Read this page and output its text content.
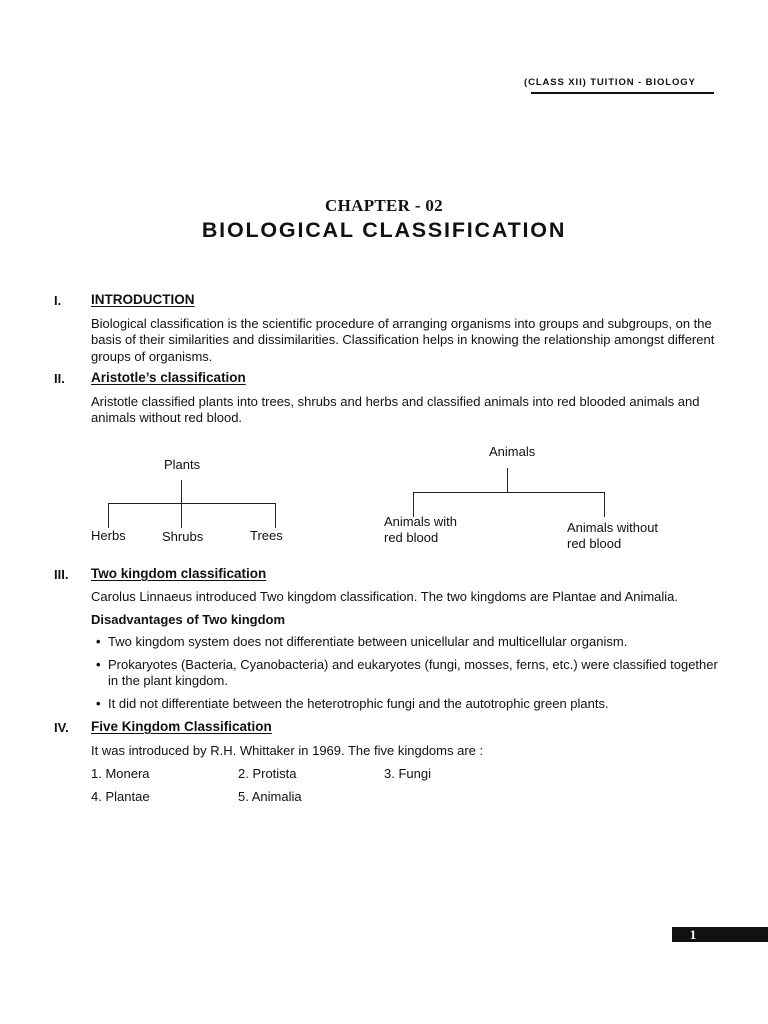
(CLASS XII) TUITION - BIOLOGY
CHAPTER - 02
BIOLOGICAL CLASSIFICATION
I. INTRODUCTION
Biological classification is the scientific procedure of arranging organisms into groups and subgroups, on the basis of their similarities and dissimilarities. Classification helps in knowing the relationship amongst different groups of organisms.
II. Aristotle’s classification
Aristotle classified plants into trees, shrubs and herbs and classified animals into red blooded animals and animals without red blood.
Plants
Herbs	Shrubs	Trees
Animals
Animals with
red blood
Animals without
red blood
III. Two kingdom classification
Carolus Linnaeus introduced Two kingdom classification. The two kingdoms are Plantae and Animalia.
Disadvantages of Two kingdom
• Two kingdom system does not differentiate between unicellular and multicellular organism.
• Prokaryotes (Bacteria, Cyanobacteria) and eukaryotes (fungi, mosses, ferns, etc.) were classified together in the plant kingdom.
• It did not differentiate between the heterotrophic fungi and the autotrophic green plants.
IV. Five Kingdom Classification
It was introduced by R.H. Whittaker in 1969. The five kingdoms are :
1. Monera	2. Protista	3. Fungi
4. Plantae	5. Animalia
1
